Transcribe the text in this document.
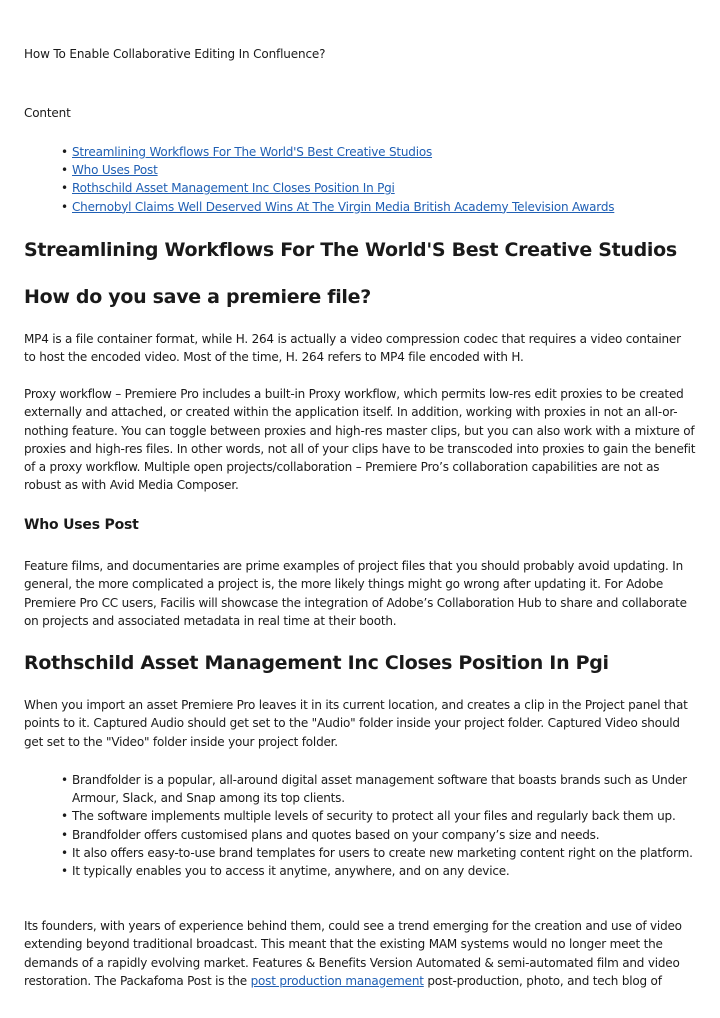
How To Enable Collaborative Editing In Confluence?

Content

• Streamlining Workflows For The World'S Best Creative Studios
• Who Uses Post
• Rothschild Asset Management Inc Closes Position In Pgi
• Chernobyl Claims Well Deserved Wins At The Virgin Media British Academy Television Awards
Streamlining Workflows For The World'S Best Creative Studios
How do you save a premiere file?

MP4 is a file container format, while H. 264 is actually a video compression codec that requires a video container to host the encoded video. Most of the time, H. 264 refers to MP4 file encoded with H.

Proxy workflow – Premiere Pro includes a built-in Proxy workflow, which permits low-res edit proxies to be created externally and attached, or created within the application itself. In addition, working with proxies in not an all-or-nothing feature. You can toggle between proxies and high-res master clips, but you can also work with a mixture of proxies and high-res files. In other words, not all of your clips have to be transcoded into proxies to gain the benefit of a proxy workflow. Multiple open projects/collaboration – Premiere Pro’s collaboration capabilities are not as robust as with Avid Media Composer.

Who Uses Post

Feature films, and documentaries are prime examples of project files that you should probably avoid updating. In general, the more complicated a project is, the more likely things might go wrong after updating it. For Adobe Premiere Pro CC users, Facilis will showcase the integration of Adobe’s Collaboration Hub to share and collaborate on projects and associated metadata in real time at their booth.

Rothschild Asset Management Inc Closes Position In Pgi

When you import an asset Premiere Pro leaves it in its current location, and creates a clip in the Project panel that points to it. Captured Audio should get set to the "Audio" folder inside your project folder. Captured Video should get set to the "Video" folder inside your project folder.

• Brandfolder is a popular, all-around digital asset management software that boasts brands such as Under Armour, Slack, and Snap among its top clients.
• The software implements multiple levels of security to protect all your files and regularly back them up.
• Brandfolder offers customised plans and quotes based on your company’s size and needs.
• It also offers easy-to-use brand templates for users to create new marketing content right on the platform.
• It typically enables you to access it anytime, anywhere, and on any device.

Its founders, with years of experience behind them, could see a trend emerging for the creation and use of video extending beyond traditional broadcast. This meant that the existing MAM systems would no longer meet the demands of a rapidly evolving market. Features & Benefits Version Automated & semi-automated film and video restoration. The Packafoma Post is the post production management post-production, photo, and tech blog of
